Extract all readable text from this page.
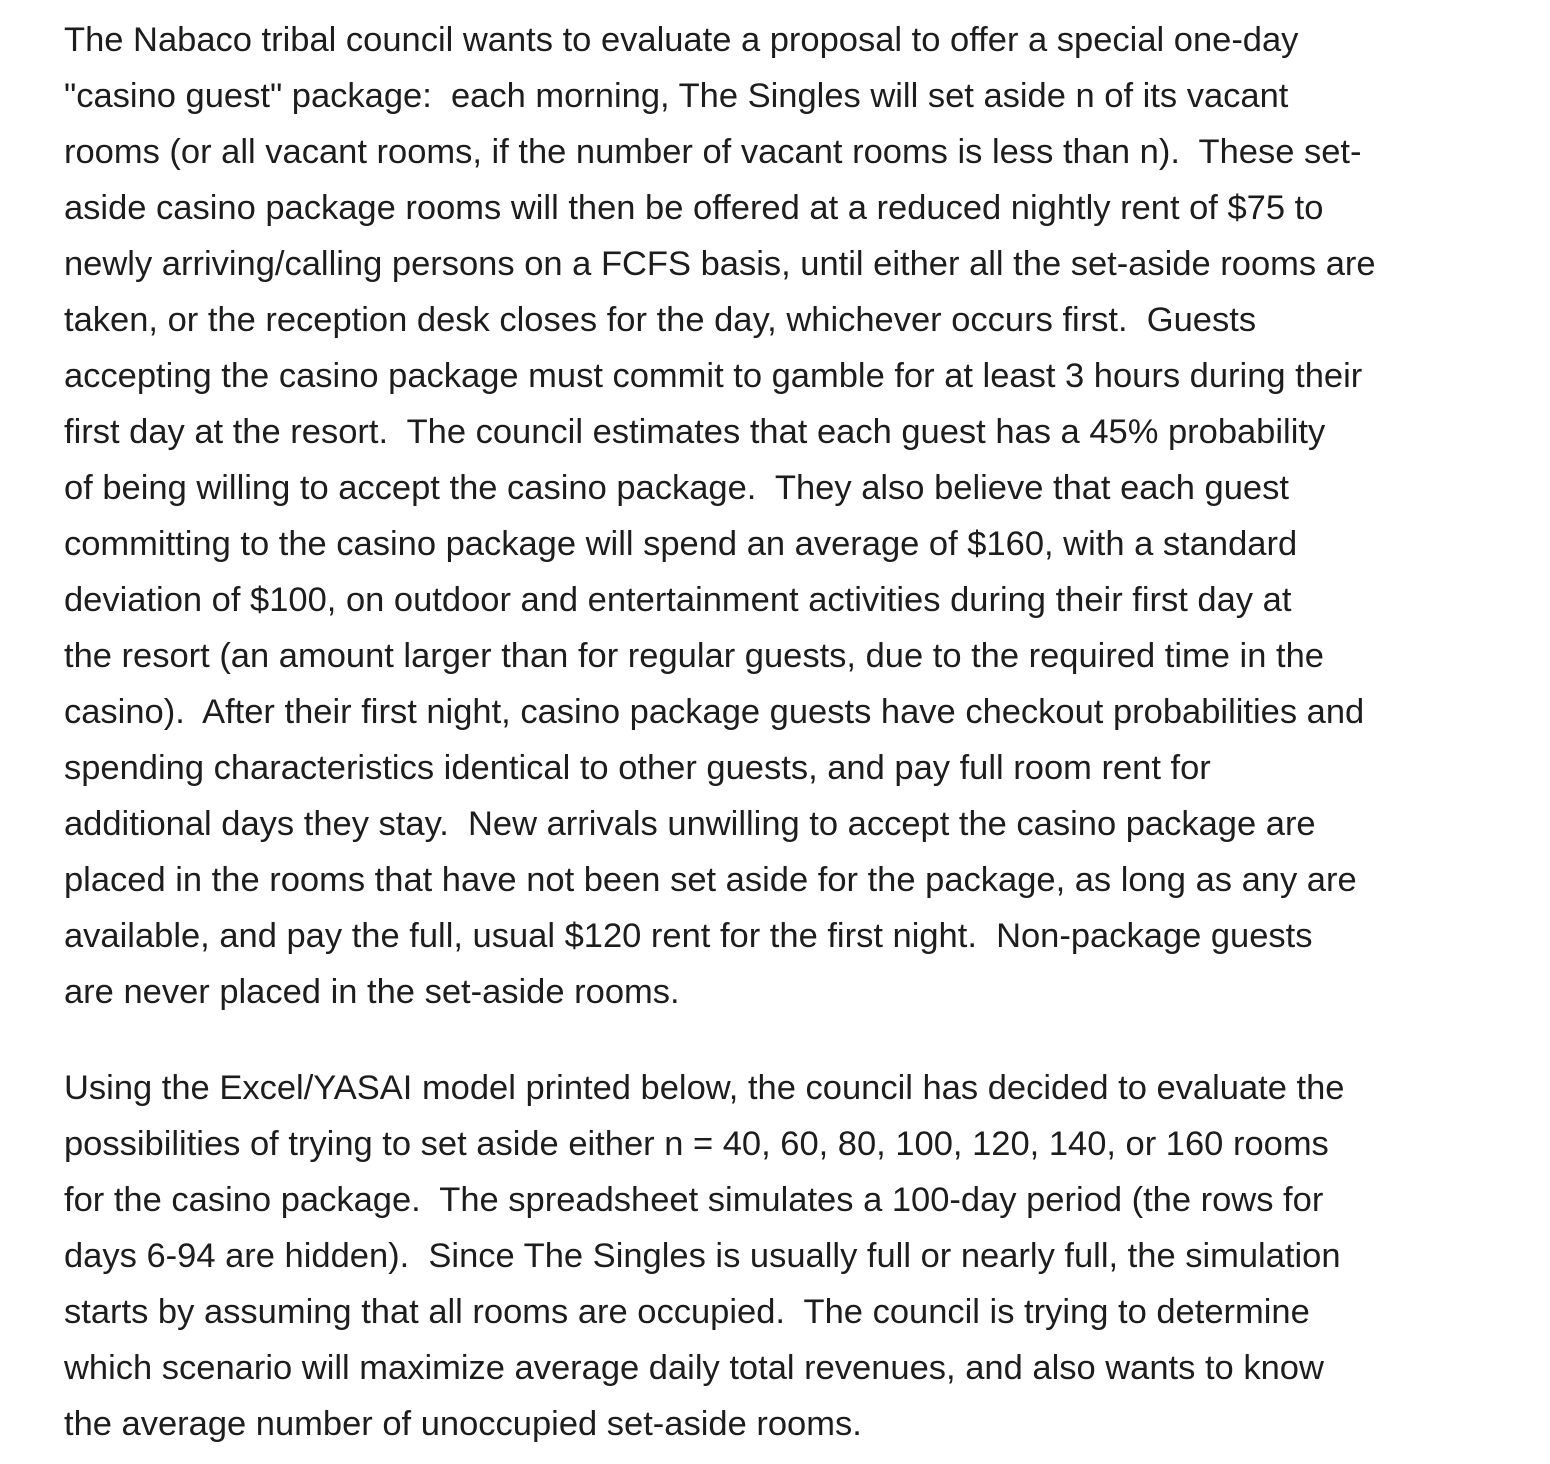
The Nabaco tribal council wants to evaluate a proposal to offer a special one-day
"casino guest" package:  each morning, The Singles will set aside n of its vacant
rooms (or all vacant rooms, if the number of vacant rooms is less than n).  These set-
aside casino package rooms will then be offered at a reduced nightly rent of $75 to
newly arriving/calling persons on a FCFS basis, until either all the set-aside rooms are
taken, or the reception desk closes for the day, whichever occurs first.  Guests
accepting the casino package must commit to gamble for at least 3 hours during their
first day at the resort.  The council estimates that each guest has a 45% probability
of being willing to accept the casino package.  They also believe that each guest
committing to the casino package will spend an average of $160, with a standard
deviation of $100, on outdoor and entertainment activities during their first day at
the resort (an amount larger than for regular guests, due to the required time in the
casino).  After their first night, casino package guests have checkout probabilities and
spending characteristics identical to other guests, and pay full room rent for
additional days they stay.  New arrivals unwilling to accept the casino package are
placed in the rooms that have not been set aside for the package, as long as any are
available, and pay the full, usual $120 rent for the first night.  Non-package guests
are never placed in the set-aside rooms.
Using the Excel/YASAI model printed below, the council has decided to evaluate the
possibilities of trying to set aside either n = 40, 60, 80, 100, 120, 140, or 160 rooms
for the casino package.  The spreadsheet simulates a 100-day period (the rows for
days 6-94 are hidden).  Since The Singles is usually full or nearly full, the simulation
starts by assuming that all rooms are occupied.  The council is trying to determine
which scenario will maximize average daily total revenues, and also wants to know
the average number of unoccupied set-aside rooms.
